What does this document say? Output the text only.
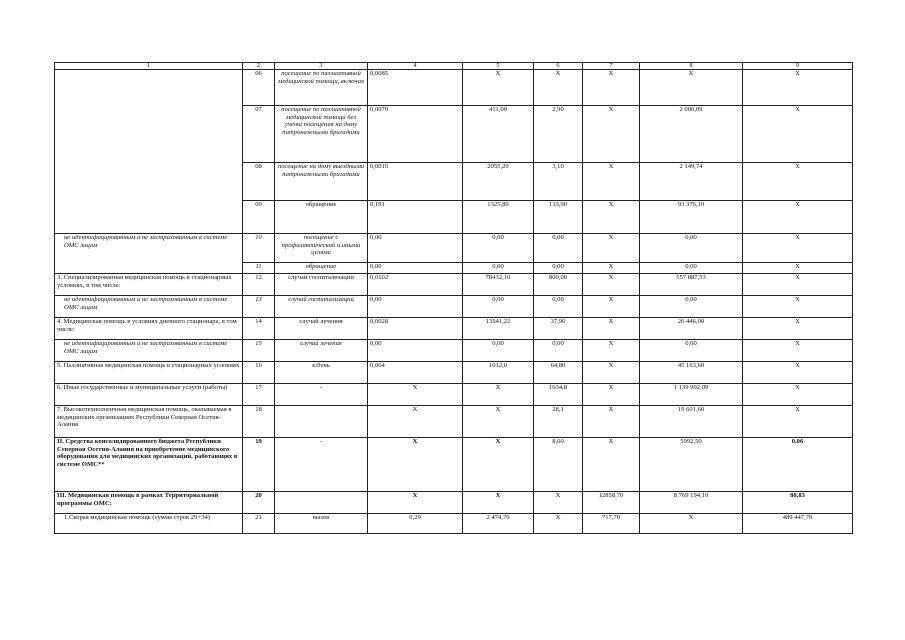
1	2	3	4	5	6	7	8	9
	06	посещение по паллиативной медицинской помощи, включая	0,0085	X	X	X	X	X
	07	посещение по паллиативной медицинской помощи без учета посещения на дому патронажными бригадами	0,0070	411,00	2,90	X	2 006,09	X
	08	посещение на дому выездными патронажными бригадами	0,0015	2055,20	3,10	X	2 149,74	X
	09	обращение	0,191	1325,89	133,90	X	93 376,10	X
не идентифицированным и не застрахованным в системе ОМС лицам	10	посещение с профилактической и иными целями	0,00	0,00	0,00	X	0,00	X
	11	обращение	0,00	0,00	0,00	X	0,00	X
3. Специализированная медицинская помощь в стационарных условиях, в том числе:	12	случай госпитализации	0,0102	78432,10	800,00	X	557 887,53	X
не идентифицированным и не застрахованным в системе ОМС лицам	13	случай госпитализации	0,00	0,00	0,00	X	0,00	X
4. Медицинская помощь в условиях дневного стационара, в том числе:	14	случай лечения	0,0028	13541,22	37,90	X	26 446,00	X
не идентифицированным и не застрахованным в системе ОМС лицам	15	случай лечения	0,00	0,00	0,00	X	0,00	X
5. Паллиативная медицинская помощь в стационарных условиях	16	к/день	0,064	1012,0	64,80	X	45 163,60	X
6. Иные государственные и муниципальные услуги (работы)	17	-	X	X	1634,8	X	1 139 992,09	X
7. Высокотехнологичная медицинская помощь, оказываемая в медицинских организациях Республики Северная Осетия-Алания	18		X	X	28,1	X	19 601,60	X
II. Средства консолидированного бюджета Республики Северная Осетия-Алания на приобретение медицинского оборудования для медицинских организаций, работающих в системе ОМС**	19	-	X	X	8,60	X	5992,50	0,06
III. Медицинская помощь в рамках Территориальной программы ОМС:	20		X	X	X	12858,70	8 769 194,10	80,83
1.Скорая медицинская помощь (сумма строк 29+34)	21	вызов	0,29	2 474,70	X	717,70	X	489 447,70
